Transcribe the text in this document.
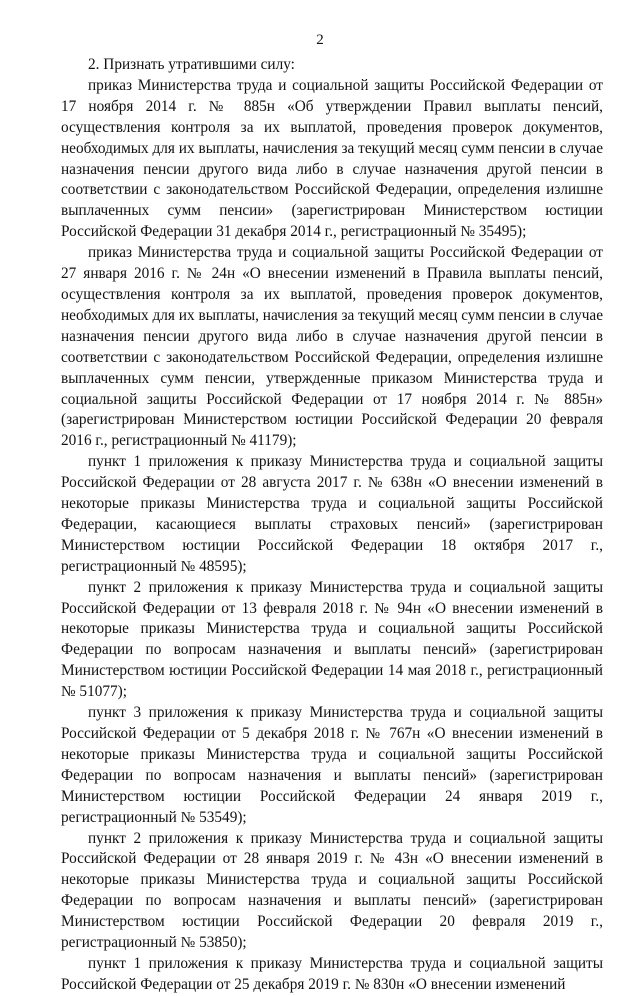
2

2. Признать утратившими силу:

приказ Министерства труда и социальной защиты Российской Федерации от 17 ноября 2014 г. № 885н «Об утверждении Правил выплаты пенсий, осуществления контроля за их выплатой, проведения проверок документов, необходимых для их выплаты, начисления за текущий месяц сумм пенсии в случае назначения пенсии другого вида либо в случае назначения другой пенсии в соответствии с законодательством Российской Федерации, определения излишне выплаченных сумм пенсии» (зарегистрирован Министерством юстиции Российской Федерации 31 декабря 2014 г., регистрационный № 35495);

приказ Министерства труда и социальной защиты Российской Федерации от 27 января 2016 г. № 24н «О внесении изменений в Правила выплаты пенсий, осуществления контроля за их выплатой, проведения проверок документов, необходимых для их выплаты, начисления за текущий месяц сумм пенсии в случае назначения пенсии другого вида либо в случае назначения другой пенсии в соответствии с законодательством Российской Федерации, определения излишне выплаченных сумм пенсии, утвержденные приказом Министерства труда и социальной защиты Российской Федерации от 17 ноября 2014 г. № 885н» (зарегистрирован Министерством юстиции Российской Федерации 20 февраля 2016 г., регистрационный № 41179);

пункт 1 приложения к приказу Министерства труда и социальной защиты Российской Федерации от 28 августа 2017 г. № 638н «О внесении изменений в некоторые приказы Министерства труда и социальной защиты Российской Федерации, касающиеся выплаты страховых пенсий» (зарегистрирован Министерством юстиции Российской Федерации 18 октября 2017 г., регистрационный № 48595);

пункт 2 приложения к приказу Министерства труда и социальной защиты Российской Федерации от 13 февраля 2018 г. № 94н «О внесении изменений в некоторые приказы Министерства труда и социальной защиты Российской Федерации по вопросам назначения и выплаты пенсий» (зарегистрирован Министерством юстиции Российской Федерации 14 мая 2018 г., регистрационный № 51077);

пункт 3 приложения к приказу Министерства труда и социальной защиты Российской Федерации от 5 декабря 2018 г. № 767н «О внесении изменений в некоторые приказы Министерства труда и социальной защиты Российской Федерации по вопросам назначения и выплаты пенсий» (зарегистрирован Министерством юстиции Российской Федерации 24 января 2019 г., регистрационный № 53549);

пункт 2 приложения к приказу Министерства труда и социальной защиты Российской Федерации от 28 января 2019 г. № 43н «О внесении изменений в некоторые приказы Министерства труда и социальной защиты Российской Федерации по вопросам назначения и выплаты пенсий» (зарегистрирован Министерством юстиции Российской Федерации 20 февраля 2019 г., регистрационный № 53850);

пункт 1 приложения к приказу Министерства труда и социальной защиты Российской Федерации от 25 декабря 2019 г. № 830н «О внесении изменений
